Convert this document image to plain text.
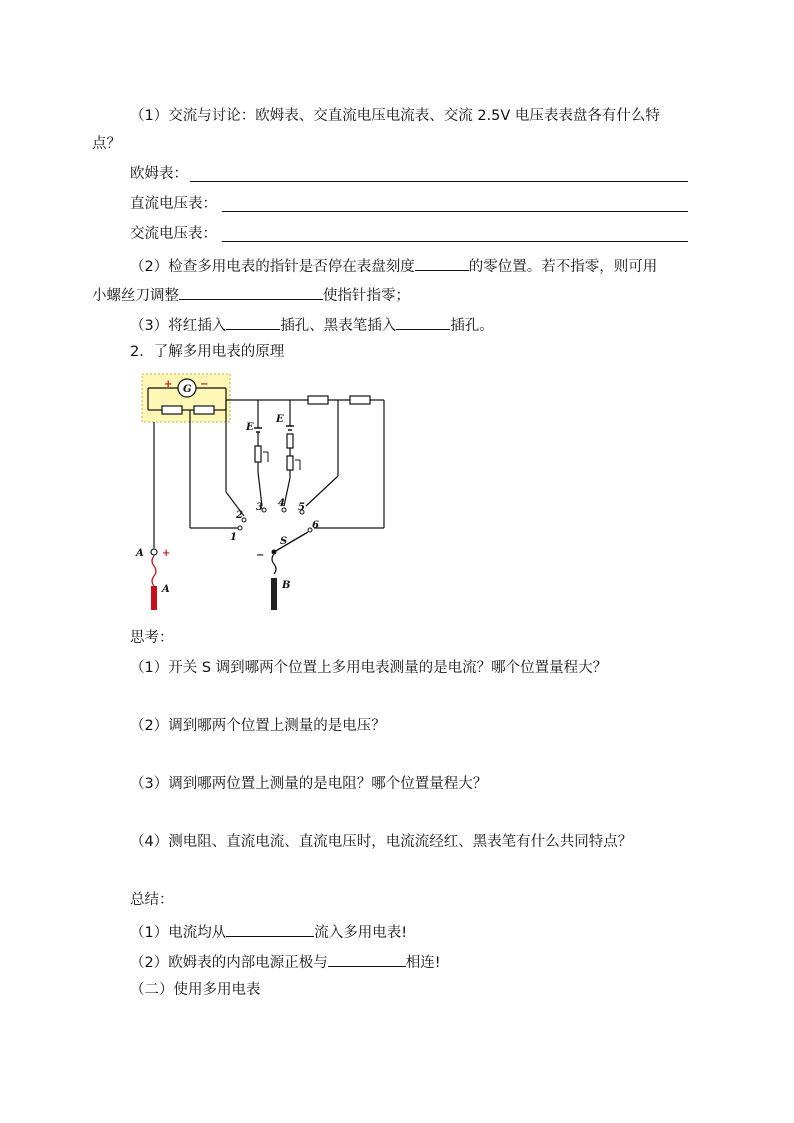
（1）交流与讨论：欧姆表、交直流电压电流表、交流 2.5V 电压表表盘各有什么特
点？
欧姆表：
直流电压表：
交流电压表：
（2）检查多用电表的指针是否停在表盘刻度	的零位置。若不指零，则可用
小螺丝刀调整	使指针指零；
（3）将红插入	插孔、黑表笔插入	插孔。
2．了解多用电表的原理
G
+	−
E
E
A +
A
2
1
3 4 5
6
S
−
B
思考：
（1）开关 S 调到哪两个位置上多用电表测量的是电流？哪个位置量程大？
（2）调到哪两个位置上测量的是电压？
（3）调到哪两位置上测量的是电阻？哪个位置量程大？
（4）测电阻、直流电流、直流电压时，电流流经红、黑表笔有什么共同特点？
总结：
（1）电流均从	流入多用电表!
（2）欧姆表的内部电源正极与	相连!
（二）使用多用电表
